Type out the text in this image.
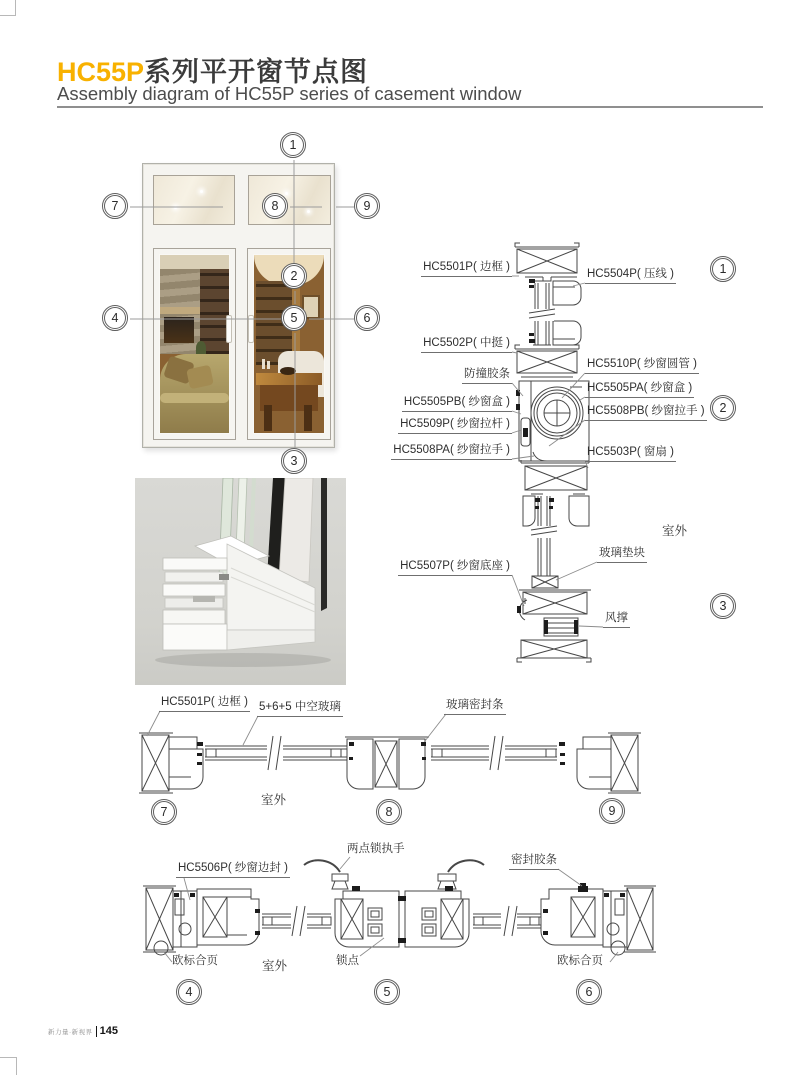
HC55P系列平开窗节点图
Assembly diagram of HC55P series of casement window
HC5501P( 边框 )
HC5502P( 中挺 )
防撞胶条
HC5505PB( 纱窗盒 )
HC5509P( 纱窗拉杆 )
HC5508PA( 纱窗拉手 )
HC5507P( 纱窗底座 )
HC5504P( 压线 )
HC5510P( 纱窗圆管 )
HC5505PA( 纱窗盒 )
HC5508PB( 纱窗拉手 )
HC5503P( 窗扇 )
室外
玻璃垫块
风撑
HC5501P( 边框 ) 5+6+5 中空玻璃	玻璃密封条
室外
HC5506P( 纱窗边封 )
两点锁执手
密封胶条
欧标合页	室外	锁点	欧标合页
1
2
3
4	5	6
7	8	9
1
2
3
7	8	9
4	5	6
新力量·新视界 145
